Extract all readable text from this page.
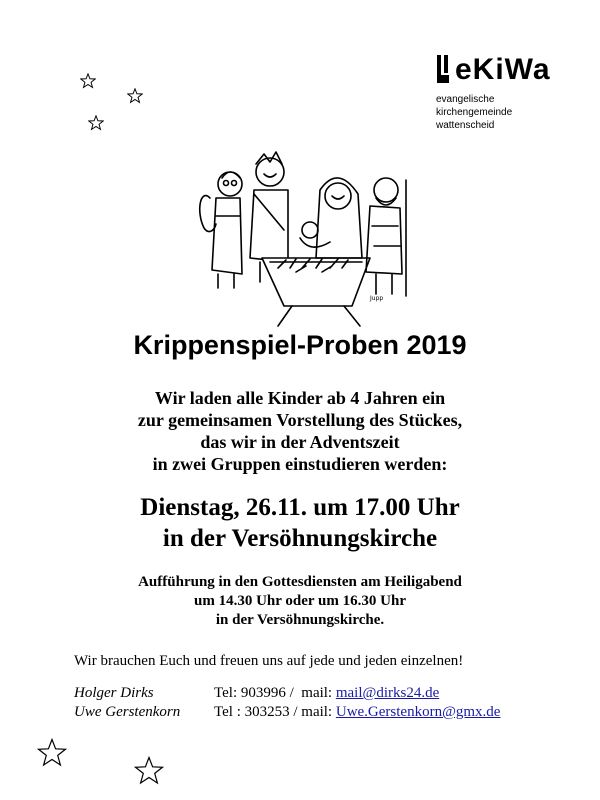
eKiWa
evangelische
kirchengemeinde
wattenscheid
Jupp
Krippenspiel-Proben 2019
Wir laden alle Kinder ab 4 Jahren ein
zur gemeinsamen Vorstellung des Stückes,
das wir in der Adventszeit
in zwei Gruppen einstudieren werden:
Dienstag, 26.11. um 17.00 Uhr
in der Versöhnungskirche
Aufführung in den Gottesdiensten am Heiligabend
um 14.30 Uhr oder um 16.30 Uhr
in der Versöhnungskirche.
Wir brauchen Euch und freuen uns auf jede und jeden einzelnen!
Holger Dirks	Tel: 903996 /  mail: mail@dirks24.de
Uwe Gerstenkorn	Tel : 303253 / mail: Uwe.Gerstenkorn@gmx.de
